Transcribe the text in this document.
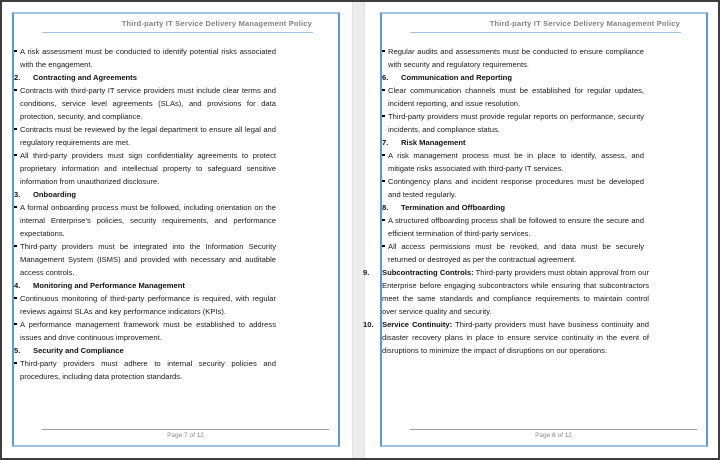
Third-party IT Service Delivery Management Policy

A risk assessment must be conducted to identify potential risks associated with the engagement.

2.	Contracting and Agreements

Contracts with third-party IT service providers must include clear terms and conditions, service level agreements (SLAs), and provisions for data protection, security, and compliance.

Contracts must be reviewed by the legal department to ensure all legal and regulatory requirements are met.

All third-party providers must sign confidentiality agreements to protect proprietary information and intellectual property to safeguard sensitive information from unauthorized disclosure.

3.	Onboarding

A formal onboarding process must be followed, including orientation on the internal Enterprise's policies, security requirements, and performance expectations.

Third-party providers must be integrated into the Information Security Management System (ISMS) and provided with necessary and auditable access controls.

4.	Monitoring and Performance Management

Continuous monitoring of third-party performance is required, with regular reviews against SLAs and key performance indicators (KPIs).

A performance management framework must be established to address issues and drive continuous improvement.

5.	Security and Compliance

Third-party providers must adhere to internal security policies and procedures, including data protection standards.

Page 7 of 12
Third-party IT Service Delivery Management Policy

Regular audits and assessments must be conducted to ensure compliance with security and regulatory requirements.

6.	Communication and Reporting

Clear communication channels must be established for regular updates, incident reporting, and issue resolution.

Third-party providers must provide regular reports on performance, security incidents, and compliance status.

7.	Risk Management

A risk management process must be in place to identify, assess, and mitigate risks associated with third-party IT services.

Contingency plans and incident response procedures must be developed and tested regularly.

8.	Termination and Offboarding

A structured offboarding process shall be followed to ensure the secure and efficient termination of third-party services.

All access permissions must be revoked, and data must be securely returned or destroyed as per the contractual agreement.

9. Subcontracting Controls: Third-party providers must obtain approval from our Enterprise before engaging subcontractors while ensuring that subcontractors meet the same standards and compliance requirements to maintain control over service quality and security.

10. Service Continuity: Third-party providers must have business continuity and disaster recovery plans in place to ensure service continuity in the event of disruptions to minimize the impact of disruptions on our operations.

Page 8 of 12
